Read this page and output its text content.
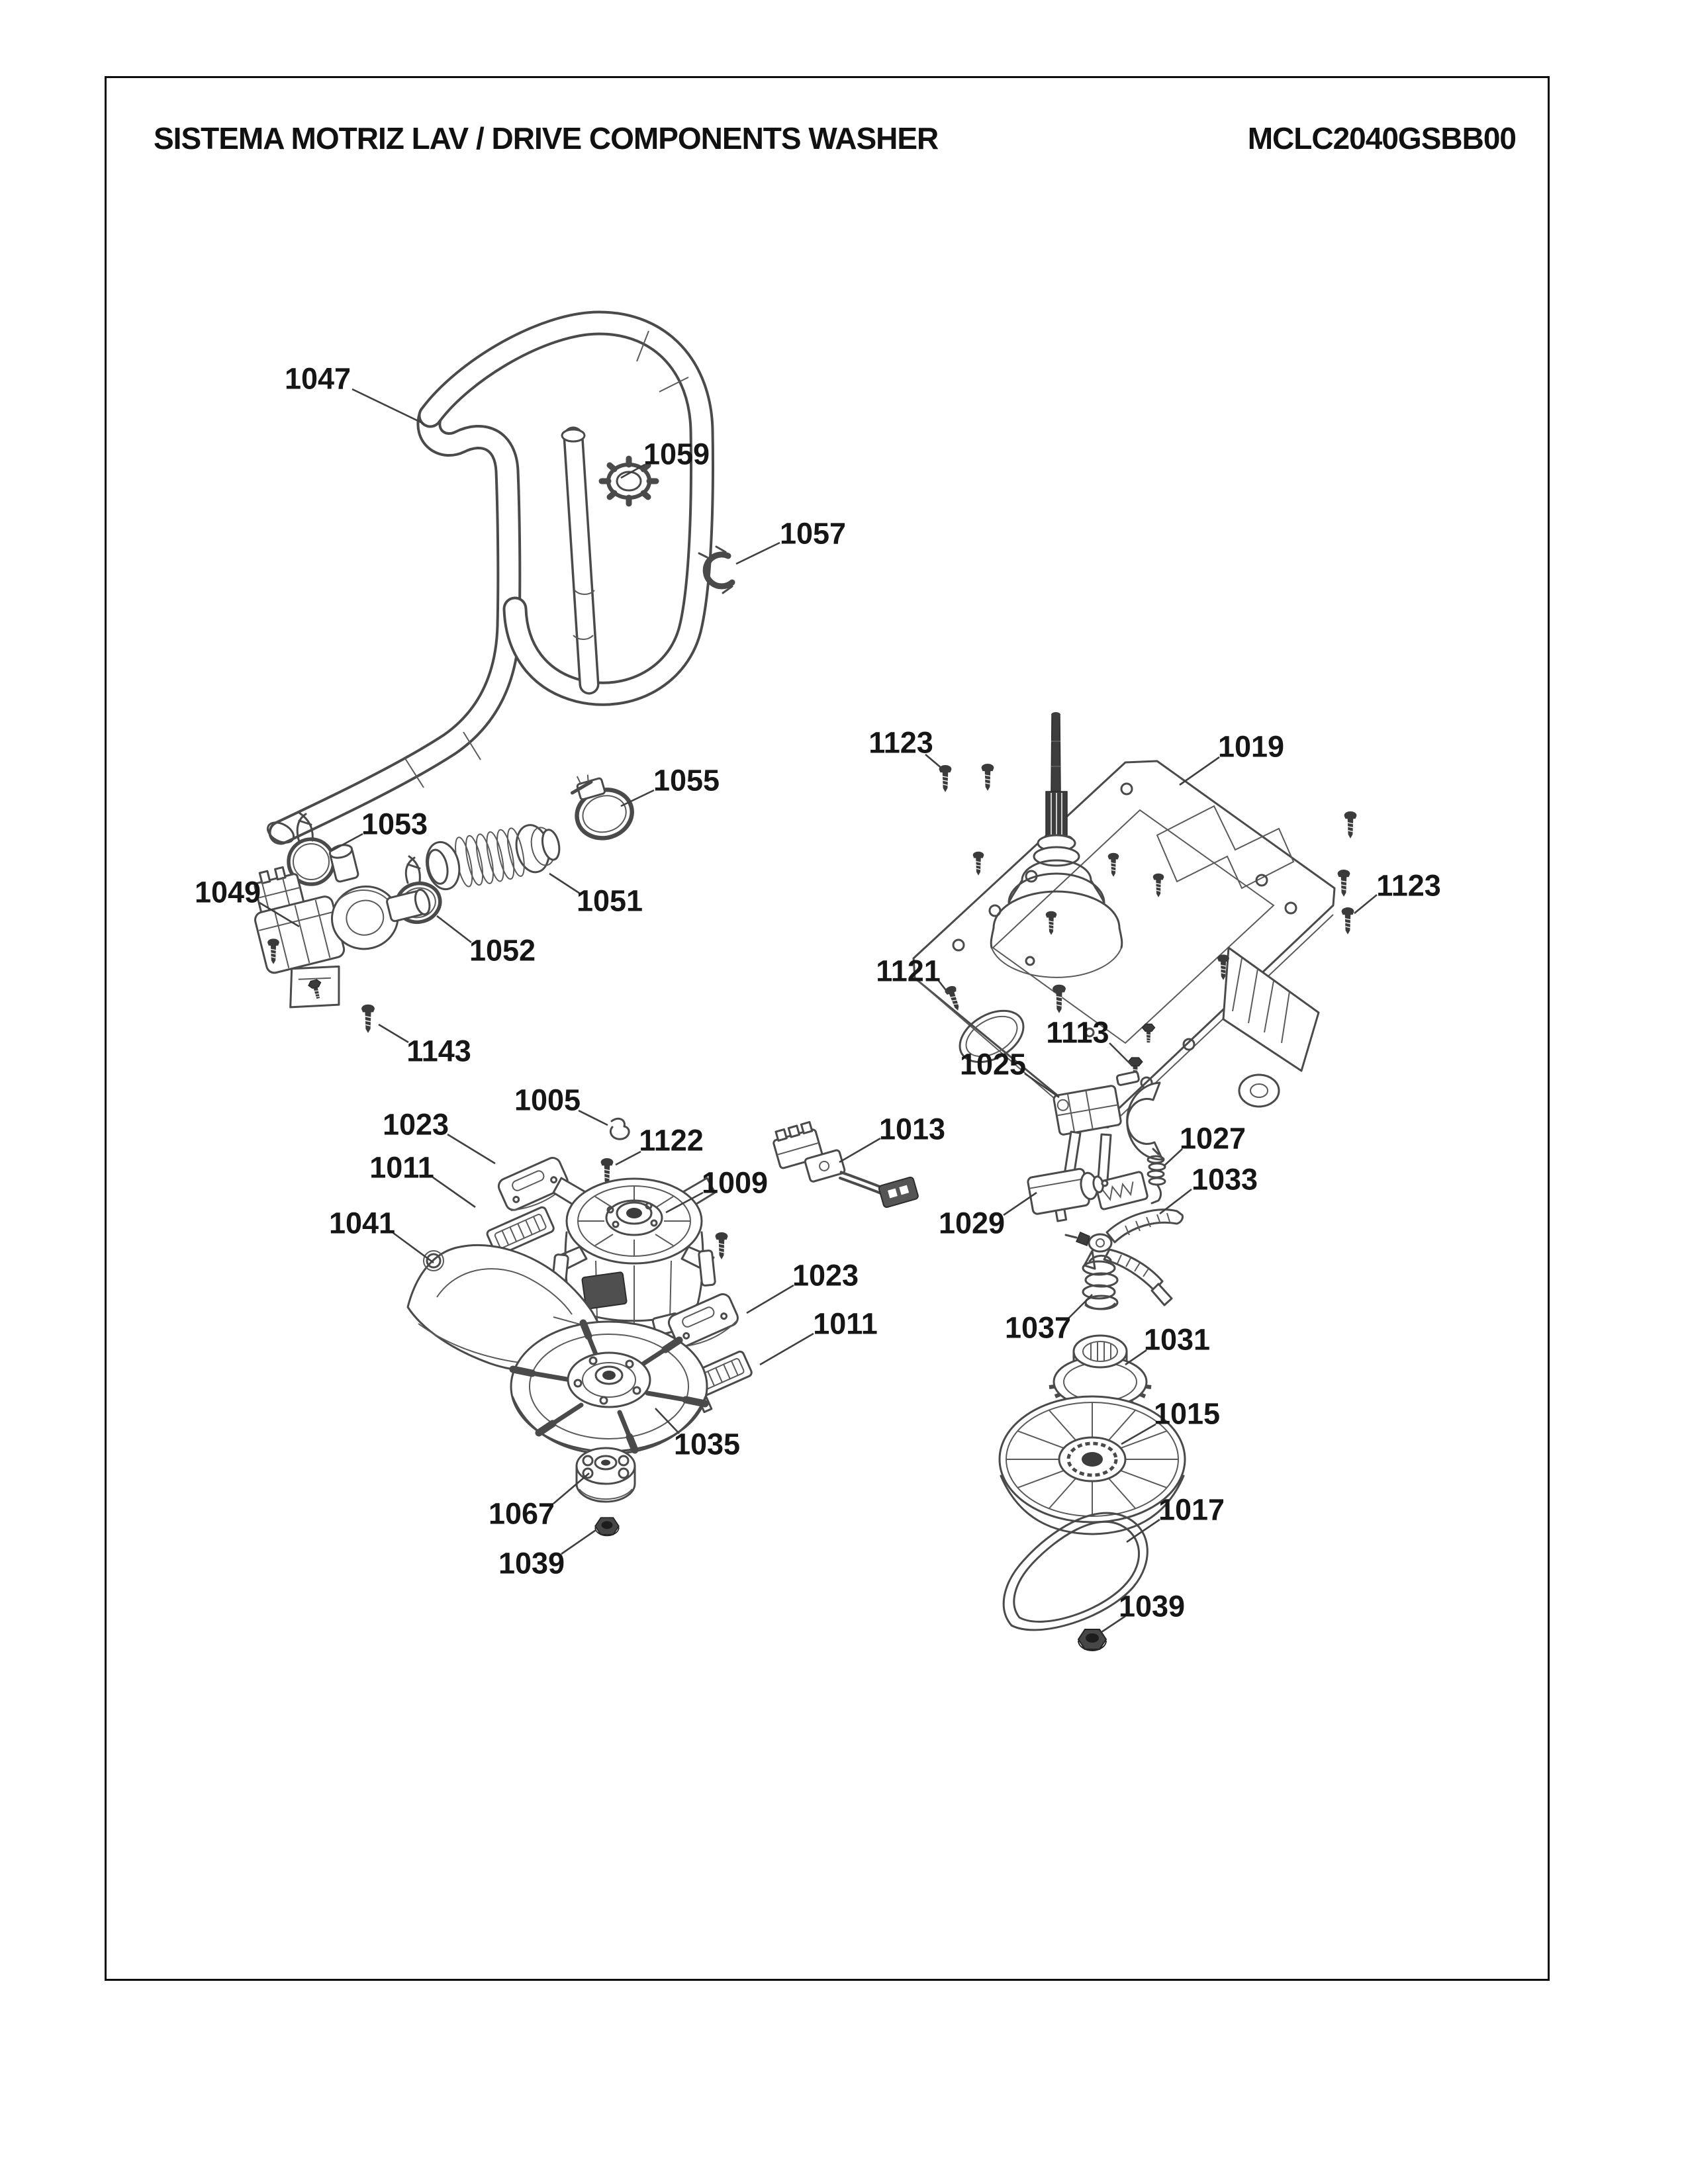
SISTEMA MOTRIZ LAV / DRIVE COMPONENTS WASHER	MCLC2040GSBB00
1047
1059
1057
1123	1019
1123
1121
1113
1025
1013	1027
1033
1029
1005
1122
1023
1011	1009
1041
1143
1023
1011
1035
1067
1039
1037 1031
1015
1017
1039
1049
1053
1055
1051
1052
